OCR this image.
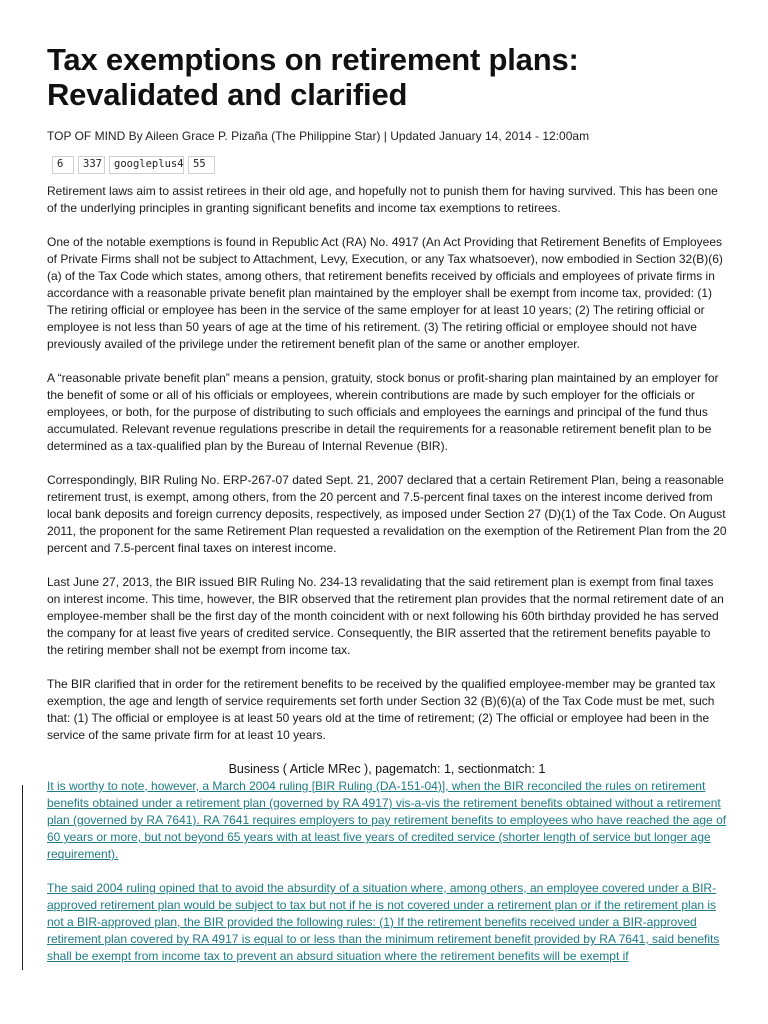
Tax exemptions on retirement plans:
Revalidated and clarified
TOP OF MIND By Aileen Grace P. Pizaña (The Philippine Star) | Updated January 14, 2014 - 12:00am
6	337	googleplus4 55

Retirement laws aim to assist retirees in their old age, and hopefully not to punish them for having survived. This has been one of the underlying principles in granting significant benefits and income tax exemptions to retirees.

One of the notable exemptions is found in Republic Act (RA) No. 4917 (An Act Providing that Retirement Benefits of Employees of Private Firms shall not be subject to Attachment, Levy, Execution, or any Tax whatsoever), now embodied in Section 32(B)(6)(a) of the Tax Code which states, among others, that retirement benefits received by officials and employees of private firms in accordance with a reasonable private benefit plan maintained by the employer shall be exempt from income tax, provided: (1) The retiring official or employee has been in the service of the same employer for at least 10 years; (2) The retiring official or employee is not less than 50 years of age at the time of his retirement. (3) The retiring official or employee should not have previously availed of the privilege under the retirement benefit plan of the same or another employer.

A “reasonable private benefit plan” means a pension, gratuity, stock bonus or profit-sharing plan maintained by an employer for the benefit of some or all of his officials or employees, wherein contributions are made by such employer for the officials or employees, or both, for the purpose of distributing to such officials and employees the earnings and principal of the fund thus accumulated. Relevant revenue regulations prescribe in detail the requirements for a reasonable retirement benefit plan to be determined as a tax-qualified plan by the Bureau of Internal Revenue (BIR).

Correspondingly, BIR Ruling No. ERP-267-07 dated Sept. 21, 2007 declared that a certain Retirement Plan, being a reasonable retirement trust, is exempt, among others, from the 20 percent and 7.5-percent final taxes on the interest income derived from local bank deposits and foreign currency deposits, respectively, as imposed under Section 27 (D)(1) of the Tax Code. On August 2011, the proponent for the same Retirement Plan requested a revalidation on the exemption of the Retirement Plan from the 20 percent and 7.5-percent final taxes on interest income.

Last June 27, 2013, the BIR issued BIR Ruling No. 234-13 revalidating that the said retirement plan is exempt from final taxes on interest income. This time, however, the BIR observed that the retirement plan provides that the normal retirement date of an employee-member shall be the first day of the month coincident with or next following his 60th birthday provided he has served the company for at least five years of credited service. Consequently, the BIR asserted that the retirement benefits payable to the retiring member shall not be exempt from income tax.

The BIR clarified that in order for the retirement benefits to be received by the qualified employee-member may be granted tax exemption, the age and length of service requirements set forth under Section 32 (B)(6)(a) of the Tax Code must be met, such that: (1) The official or employee is at least 50 years old at the time of retirement; (2) The official or employee had been in the service of the same private firm for at least 10 years.

Business ( Article MRec ), pagematch: 1, sectionmatch: 1

It is worthy to note, however, a March 2004 ruling [BIR Ruling (DA-151-04)], when the BIR reconciled the rules on retirement benefits obtained under a retirement plan (governed by RA 4917) vis-a-vis the retirement benefits obtained without a retirement plan (governed by RA 7641). RA 7641 requires employers to pay retirement benefits to employees who have reached the age of 60 years or more, but not beyond 65 years with at least five years of credited service (shorter length of service but longer age requirement).

The said 2004 ruling opined that to avoid the absurdity of a situation where, among others, an employee covered under a BIR-approved retirement plan would be subject to tax but not if he is not covered under a retirement plan or if the retirement plan is not a BIR-approved plan, the BIR provided the following rules: (1) If the retirement benefits received under a BIR-approved retirement plan covered by RA 4917 is equal to or less than the minimum retirement benefit provided by RA 7641, said benefits shall be exempt from income tax to prevent an absurd situation where the retirement benefits will be exempt if
